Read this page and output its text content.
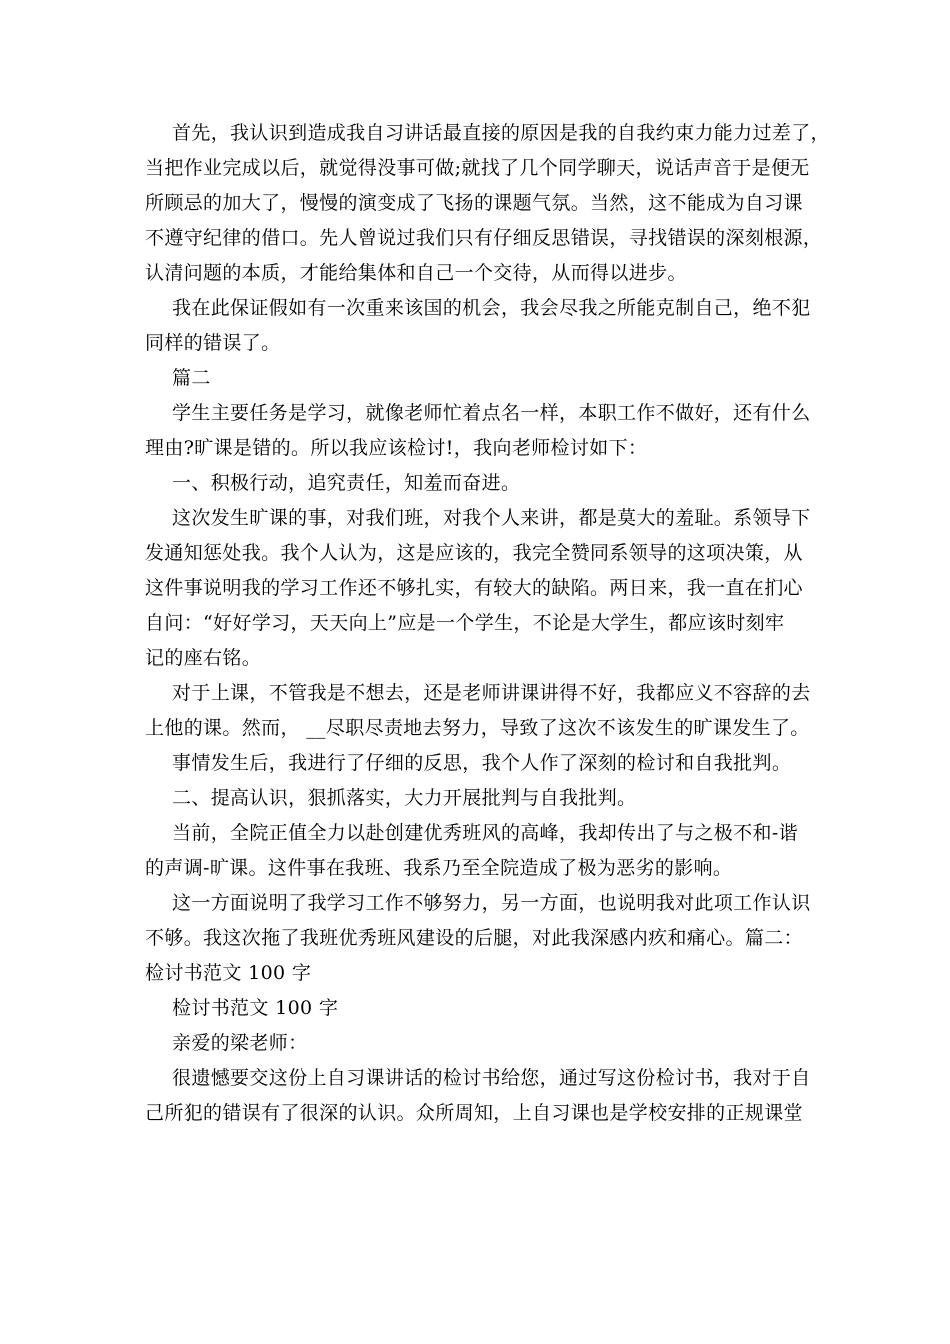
首先，我认识到造成我自习讲话最直接的原因是我的自我约束力能力过差了，
当把作业完成以后，就觉得没事可做;就找了几个同学聊天，说话声音于是便无
所顾忌的加大了，慢慢的演变成了飞扬的课题气氛。当然，这不能成为自习课
不遵守纪律的借口。先人曾说过我们只有仔细反思错误，寻找错误的深刻根源，
认清问题的本质，才能给集体和自己一个交待，从而得以进步。
我在此保证假如有一次重来该国的机会，我会尽我之所能克制自己，绝不犯
同样的错误了。
篇二
学生主要任务是学习，就像老师忙着点名一样，本职工作不做好，还有什么
理由?旷课是错的。所以我应该检讨!，我向老师检讨如下：
一、积极行动，追究责任，知羞而奋进。
这次发生旷课的事，对我们班，对我个人来讲，都是莫大的羞耻。系领导下
发通知惩处我。我个人认为，这是应该的，我完全赞同系领导的这项决策，从
这件事说明我的学习工作还不够扎实，有较大的缺陷。两日来，我一直在扪心
自问：“好好学习，天天向上”应是一个学生，不论是大学生，都应该时刻牢
记的座右铭。
对于上课，不管我是不想去，还是老师讲课讲得不好，我都应义不容辞的去
上他的课。然而， __尽职尽责地去努力，导致了这次不该发生的旷课发生了。
事情发生后，我进行了仔细的反思，我个人作了深刻的检讨和自我批判。
二、提高认识，狠抓落实，大力开展批判与自我批判。
当前，全院正值全力以赴创建优秀班风的高峰，我却传出了与之极不和-谐
的声调-旷课。这件事在我班、我系乃至全院造成了极为恶劣的影响。
这一方面说明了我学习工作不够努力，另一方面，也说明我对此项工作认识
不够。我这次拖了我班优秀班风建设的后腿，对此我深感内疚和痛心。篇二：
检讨书范文 100 字
检讨书范文 100 字
亲爱的梁老师：
很遗憾要交这份上自习课讲话的检讨书给您，通过写这份检讨书，我对于自
己所犯的错误有了很深的认识。众所周知，上自习课也是学校安排的正规课堂
